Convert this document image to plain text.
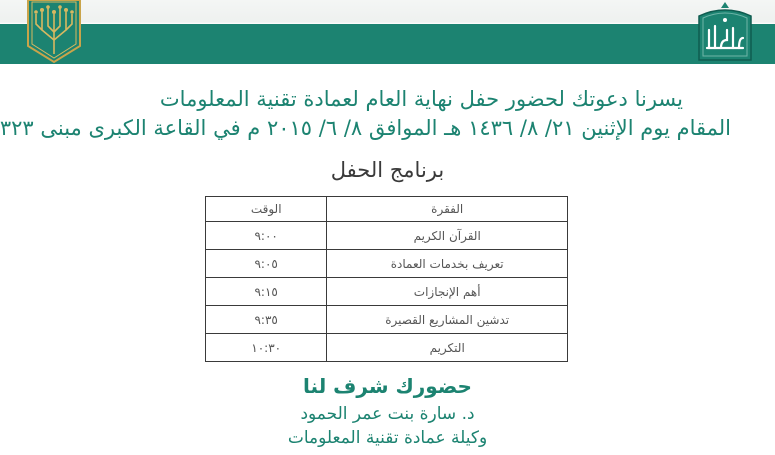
يسرنا دعوتك لحضور حفل نهاية العام لعمادة تقنية المعلومات
المقام يوم الإثنين ٢١/ ٨/ ١٤٣٦ هـ الموافق ٨/ ٦/ ٢٠١٥ م في القاعة الكبرى مبنى ٣٢٣
برنامج الحفل
الفقرة	الوقت
القرآن الكريم	٩:٠٠
تعريف بخدمات العمادة	٩:٠٥
أهم الإنجازات	٩:١٥
تدشين المشاريع القصيرة	٩:٣٥
التكريم	١٠:٣٠
حضورك شرف لنا
د. سارة بنت عمر الحمود
وكيلة عمادة تقنية المعلومات
